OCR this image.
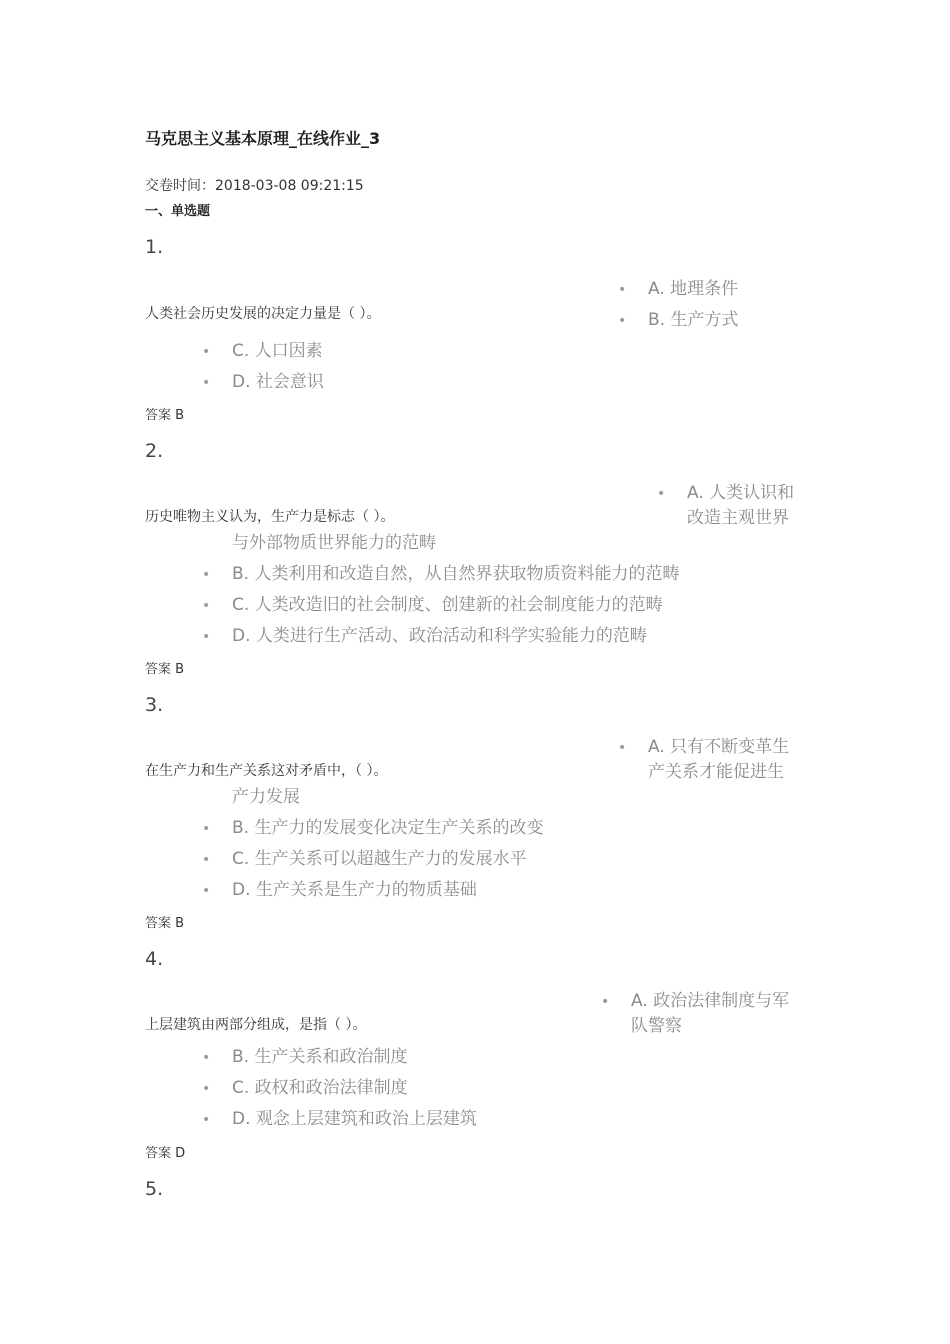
马克思主义基本原理_在线作业_3
交卷时间：2018-03-08 09:21:15
一、单选题
1.
人类社会历史发展的决定力量是（ ）。
• A. 地理条件
• B. 生产方式
• C. 人口因素
• D. 社会意识
答案 B
2.
历史唯物主义认为，生产力是标志（ ）。
• A. 人类认识和
改造主观世界
与外部物质世界能力的范畴
• B. 人类利用和改造自然，从自然界获取物质资料能力的范畴
• C. 人类改造旧的社会制度、创建新的社会制度能力的范畴
• D. 人类进行生产活动、政治活动和科学实验能力的范畴
答案 B
3.
在生产力和生产关系这对矛盾中，（ ）。
• A. 只有不断变革生
产关系才能促进生
产力发展
• B. 生产力的发展变化决定生产关系的改变
• C. 生产关系可以超越生产力的发展水平
• D. 生产关系是生产力的物质基础
答案 B
4.
上层建筑由两部分组成，是指（ ）。
• A. 政治法律制度与军
队警察
• B. 生产关系和政治制度
• C. 政权和政治法律制度
• D. 观念上层建筑和政治上层建筑
答案 D
5.
